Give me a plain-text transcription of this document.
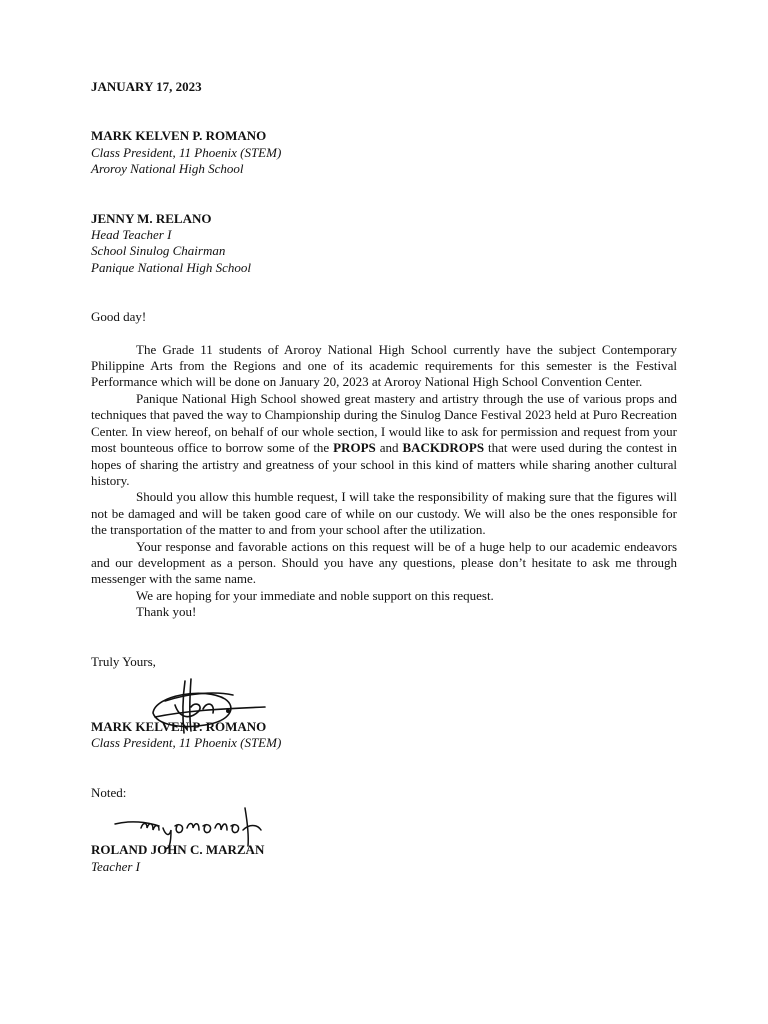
JANUARY 17, 2023
MARK KELVEN P. ROMANO
Class President, 11 Phoenix (STEM)
Aroroy National High School
JENNY M. RELANO
Head Teacher I
School Sinulog Chairman
Panique National High School
Good day!

The Grade 11 students of Aroroy National High School currently have the subject Contemporary Philippine Arts from the Regions and one of its academic requirements for this semester is the Festival Performance which will be done on January 20, 2023 at Aroroy National High School Convention Center.

Panique National High School showed great mastery and artistry through the use of various props and techniques that paved the way to Championship during the Sinulog Dance Festival 2023 held at Puro Recreation Center. In view hereof, on behalf of our whole section, I would like to ask for permission and request from your most bounteous office to borrow some of the PROPS and BACKDROPS that were used during the contest in hopes of sharing the artistry and greatness of your school in this kind of matters while sharing another cultural history.

Should you allow this humble request, I will take the responsibility of making sure that the figures will not be damaged and will be taken good care of while on our custody. We will also be the ones responsible for the transportation of the matter to and from your school after the utilization.

Your response and favorable actions on this request will be of a huge help to our academic endeavors and our development as a person. Should you have any questions, please don’t hesitate to ask me through messenger with the same name.

We are hoping for your immediate and noble support on this request.

Thank you!

Truly Yours,
MARK KELVEN P. ROMANO
Class President, 11 Phoenix (STEM)
Noted:
ROLAND JOHN C. MARZAN
Teacher I
